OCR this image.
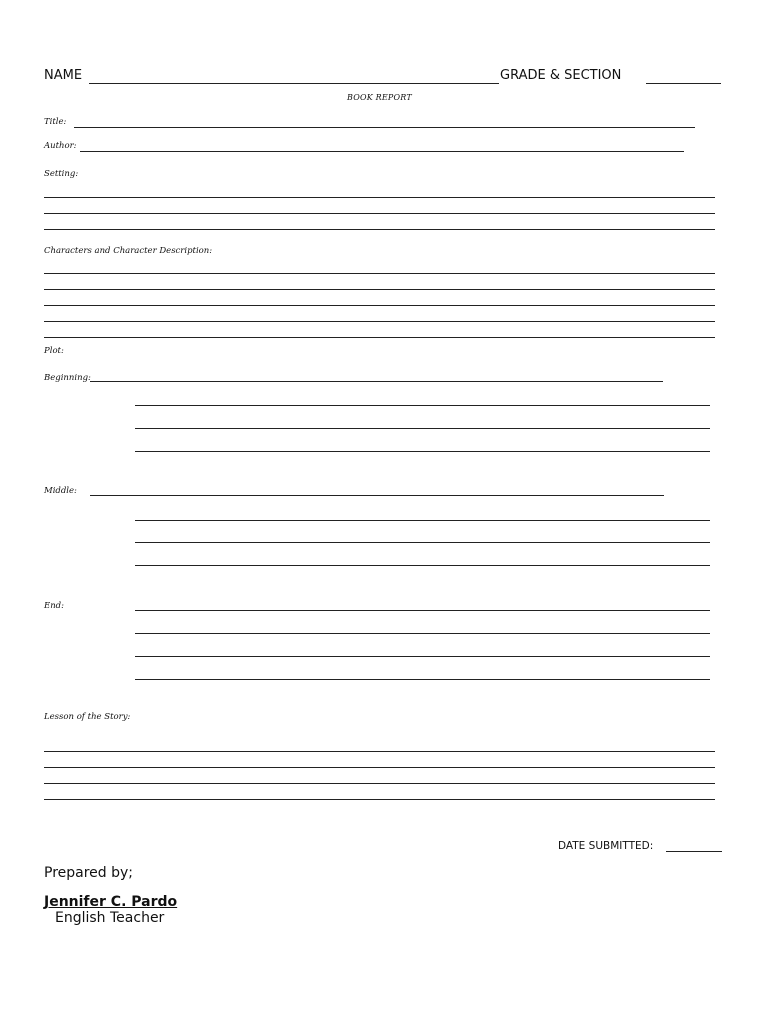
NAME	GRADE & SECTION
BOOK REPORT
Title:
Author:
Setting:
Characters and Character Description:
Plot:
Beginning:
Middle:
End:
Lesson of the Story:
DATE SUBMITTED:
Prepared by;
Jennifer C. Pardo
English Teacher
